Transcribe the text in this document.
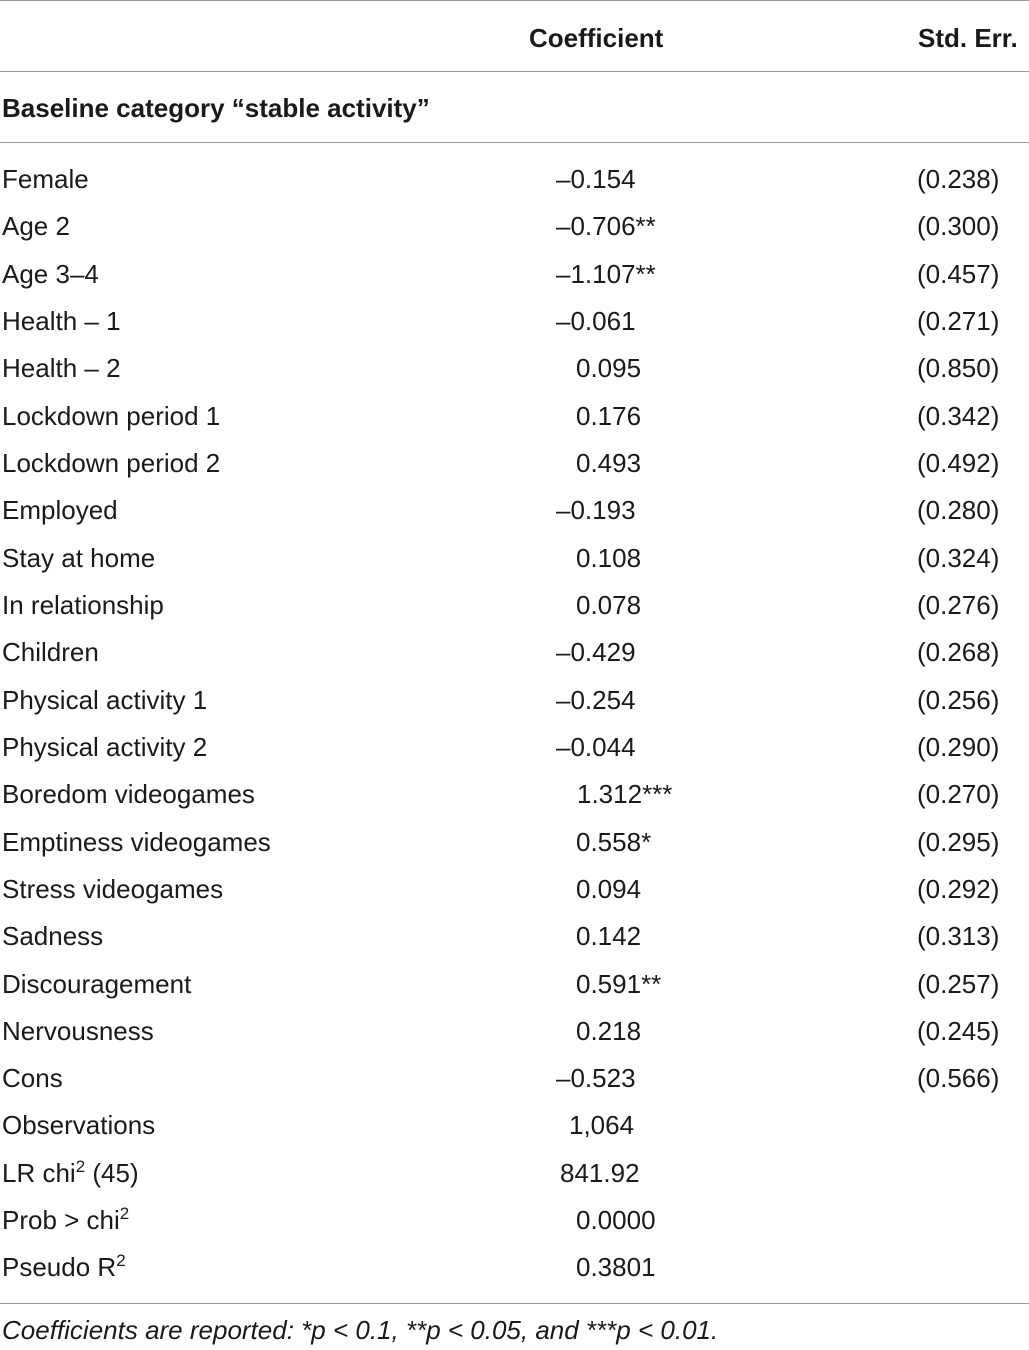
Coefficient	Std. Err.
Baseline category “stable activity”
Female	–0.154	(0.238)
Age 2	–0.706**	(0.300)
Age 3–4	–1.107**	(0.457)
Health – 1	–0.061	(0.271)
Health – 2	0.095	(0.850)
Lockdown period 1	0.176	(0.342)
Lockdown period 2	0.493	(0.492)
Employed	–0.193	(0.280)
Stay at home	0.108	(0.324)
In relationship	0.078	(0.276)
Children	–0.429	(0.268)
Physical activity 1	–0.254	(0.256)
Physical activity 2	–0.044	(0.290)
Boredom videogames	1.312***	(0.270)
Emptiness videogames	0.558*	(0.295)
Stress videogames	0.094	(0.292)
Sadness	0.142	(0.313)
Discouragement	0.591**	(0.257)
Nervousness	0.218	(0.245)
Cons	–0.523	(0.566)
Observations	1,064
LR chi$^2$ (45)	841.92
Prob > chi$^2$	0.0000
Pseudo $R^2$	0.3801
Coefficients are reported: *p < 0.1, **p < 0.05, and ***p < 0.01.
